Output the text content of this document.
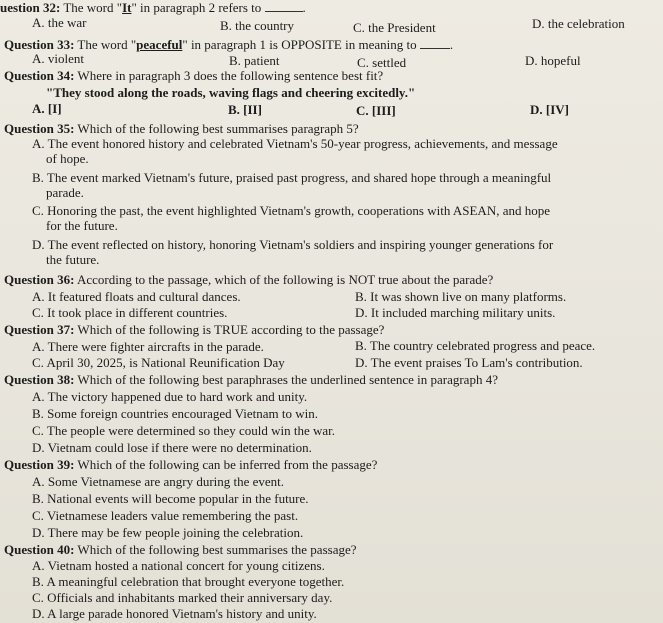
uestion 32: The word "It" in paragraph 2 refers to	.
A. the war	B. the country	C. the President	D. the celebration
Question 33: The word "peaceful" in paragraph 1 is OPPOSITE in meaning to	.
A. violent	B. patient	C. settled	D. hopeful
Question 34: Where in paragraph 3 does the following sentence best fit?
"They stood along the roads, waving flags and cheering excitedly."
A. [I]	B. [II]	C. [III]	D. [IV]
Question 35: Which of the following best summarises paragraph 5?
A. The event honored history and celebrated Vietnam's 50-year progress, achievements, and message
of hope.
B. The event marked Vietnam's future, praised past progress, and shared hope through a meaningful
parade.
C. Honoring the past, the event highlighted Vietnam's growth, cooperations with ASEAN, and hope
for the future.
D. The event reflected on history, honoring Vietnam's soldiers and inspiring younger generations for
the future.
Question 36: According to the passage, which of the following is NOT true about the parade?
A. It featured floats and cultural dances.	B. It was shown live on many platforms.
C. It took place in different countries.	D. It included marching military units.
Question 37: Which of the following is TRUE according to the passage?
A. There were fighter aircrafts in the parade.	B. The country celebrated progress and peace.
C. April 30, 2025, is National Reunification Day	D. The event praises To Lam's contribution.
Question 38: Which of the following best paraphrases the underlined sentence in paragraph 4?
A. The victory happened due to hard work and unity.
B. Some foreign countries encouraged Vietnam to win.
C. The people were determined so they could win the war.
D. Vietnam could lose if there were no determination.
Question 39: Which of the following can be inferred from the passage?
A. Some Vietnamese are angry during the event.
B. National events will become popular in the future.
C. Vietnamese leaders value remembering the past.
D. There may be few people joining the celebration.
Question 40: Which of the following best summarises the passage?
A. Vietnam hosted a national concert for young citizens.
B. A meaningful celebration that brought everyone together.
C. Officials and inhabitants marked their anniversary day.
D. A large parade honored Vietnam's history and unity.
